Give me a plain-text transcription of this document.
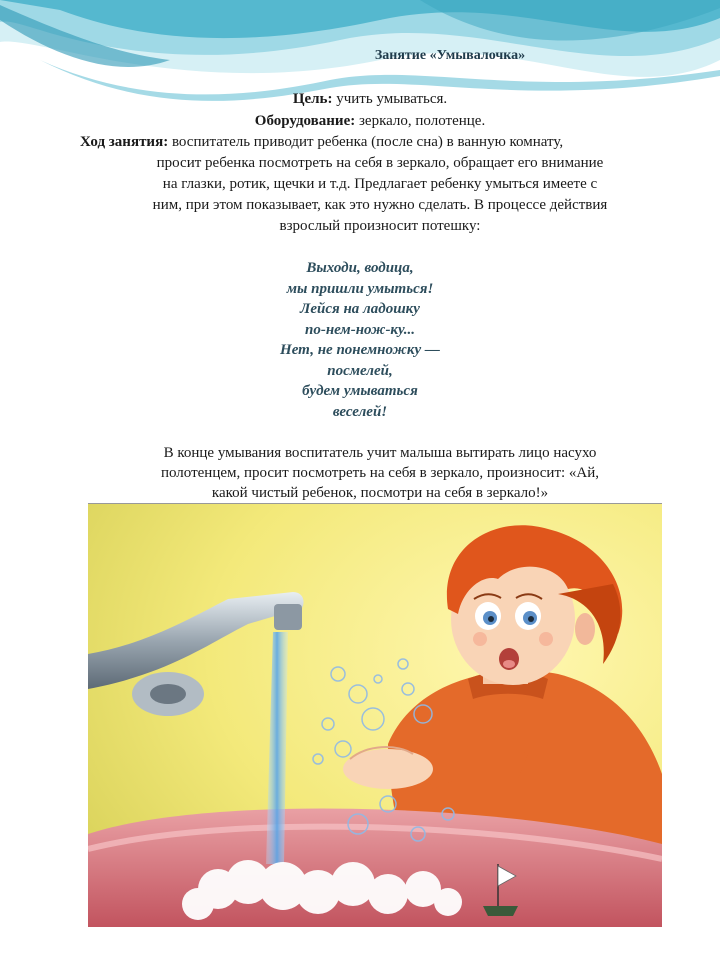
Занятие «Умывалочка»
Цель: учить умываться.
Оборудование: зеркало, полотенце.
Ход занятия: воспитатель приводит ребенка (после сна) в ванную комнату,
просит ребенка посмотреть на себя в зеркало, обращает его внимание
на глазки, ротик, щечки и т.д. Предлагает ребенку умыться имеете с
ним, при этом показывает, как это нужно сделать. В процессе действия
взрослый произносит потешку:
Выходи, водица,
мы пришли умыться!
Лейся на ладошку
по-нем-нож-ку...
Нет, не понемножку —
посмелей,
будем умываться
веселей!
В конце умывания воспитатель учит малыша вытирать лицо насухо
полотенцем, просит посмотреть на себя в зеркало, произносит: «Ай,
какой чистый ребенок, посмотри на себя в зеркало!»
